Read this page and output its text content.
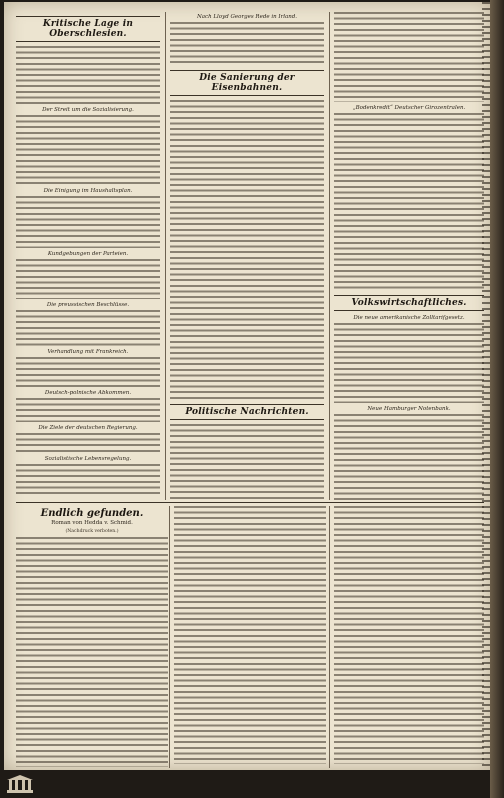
Kritische Lage in Oberschlesien.
Der Streit um die Sozialisierung.
Die Einigung im Haushaltsplan.
Kundgebungen der Parteien.
Die preussischen Beschlüsse.
Verhandlung mit Frankreich.
Deutsch-polnische Abkommen.
Die Ziele der deutschen Regierung.
Sozialistische Lebensregelung.
Nach Lloyd Georges Rede in Irland.
Die Sanierung der Eisenbahnen.
Politische Nachrichten.
„Bodenkredit“ Deutscher Girozentralen.
Volkswirtschaftliches.
Die neue amerikanische Zolltarifgesetz.
Neue Hamburger Notenbank.
Endlich gefunden.
Roman von Hedda v. Schmid.
(Nachdruck verboten.)
